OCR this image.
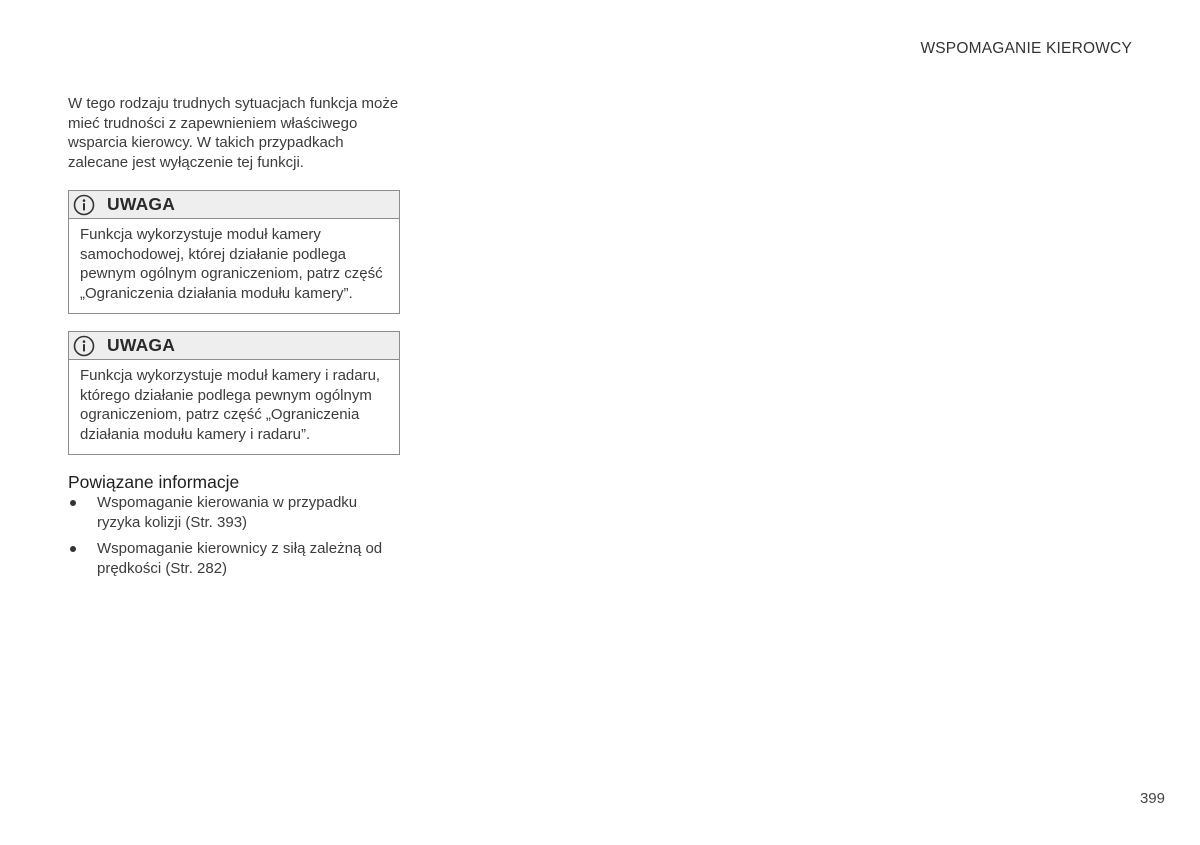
WSPOMAGANIE KIEROWCY

W tego rodzaju trudnych sytuacjach funkcja może mieć trudności z zapewnieniem właściwego wsparcia kierowcy. W takich przypadkach zalecane jest wyłączenie tej funkcji.

UWAGA

Funkcja wykorzystuje moduł kamery samochodowej, której działanie podlega pewnym ogólnym ograniczeniom, patrz część „Ograniczenia działania modułu kamery”.

UWAGA

Funkcja wykorzystuje moduł kamery i radaru, którego działanie podlega pewnym ogólnym ograniczeniom, patrz część „Ograniczenia działania modułu kamery i radaru”.

Powiązane informacje
Wspomaganie kierowania w przypadku ryzyka kolizji (Str. 393)
Wspomaganie kierownicy z siłą zależną od prędkości (Str. 282)
399
